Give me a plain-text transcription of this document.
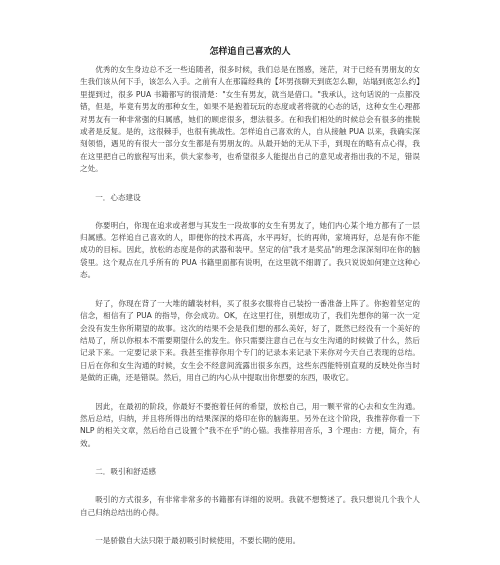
怎样追自己喜欢的人

优秀的女生身边总不乏一些追随者，很多时候，我们总是在图感，迷茫，对于已经有男朋友的女生我们该从何下手，该怎么入手。之前有人在那篇经典的【坏男孩聊天到底怎么聊，站塌到底怎么约】里提到过，很多 PUA 书籍都写的很清楚："女生有男友，就当是借口。"我承认，这句话说的一点都没错，但是，毕竟有男友的那种女生，如果不是抱着玩玩的态度或者将就的心态的话，这种女生心理都对男友有一种非常强的归属感，她们的顾虑很多，想法很多。在和我们相处的时候总会有很多的推脱或者是反复。是的，这很棘手，也很有挑战性。怎样追自己喜欢的人，自从接触 PUA 以来，我确实深刻领悟，遇见的有很大一部分女生都是有男朋友的。从最开始的无从下手，到现在的略有点心得，我在这里把自己的旅程写出来，供大家参考，也希望很多人能提出自己的意见或者指出我的不足，错误之处。

一．心态建设

你要明白，你现在追求或者想与其发生一段故事的女生有男友了，她们内心某个地方都有了一层归属感。怎样追自己喜欢的人，即便你的技术再高，水平再好，长的再帅，家境再好，总是有你不能成功的目标。因此，放松的态度是你的武器和装甲。坚定的信"我才是奖品"的理念深深刻印在你的脑袋里。这个观点在几乎所有的 PUA 书籍里面都有说明，在这里就不细谓了。我只说说如何建立这种心态。

好了，你现在背了一大堆的罐装材料，买了很多衣服将自己装扮一番准备上阵了。你抱着坚定的信念，相信有了 PUA 的指导，你会成功。OK，在这里打住，别想成功了，我们先想你的第一次一定会没有发生你所期望的故事。这次的结果不会是我们想的那么美好，好了，既然已经没有一个美好的结局了，所以你根本不需要期望什么的发生。你只需要注意自己在与女生沟通的时候做了什么，然后记录下来。一定要记录下来。我甚至推荐你用个专门的记录本来记录下来你对今天自己表现的总结。日后在你和女生沟通的时候，女生会不经意间流露出很多东西，这些东西能特别直观的反映处你当时是做的正确，还是错误。然后，用自己的内心从中提取出你想要的东西，吸收它。

因此，在最初的阶段，你最好不要抱着任何的希望，放松自己，用一颗平常的心去和女生沟通。然后总结，归纳，并且将所得出的结果深深的烙印在你的脑海里。另外在这个阶段，我推荐你看一下 NLP 的相关文章，然后给自己设置个"我不在乎"的心锚。我推荐用音乐，3 个理由：方便，简介，有效。

二．吸引和舒适感

吸引的方式很多，有非常非常多的书籍都有详细的说明。我就不想赘述了。我只想说几个我个人自己归纳总结出的心得。

一是骄傲自大法只限于最初吸引时候使用，不要长期的使用。
